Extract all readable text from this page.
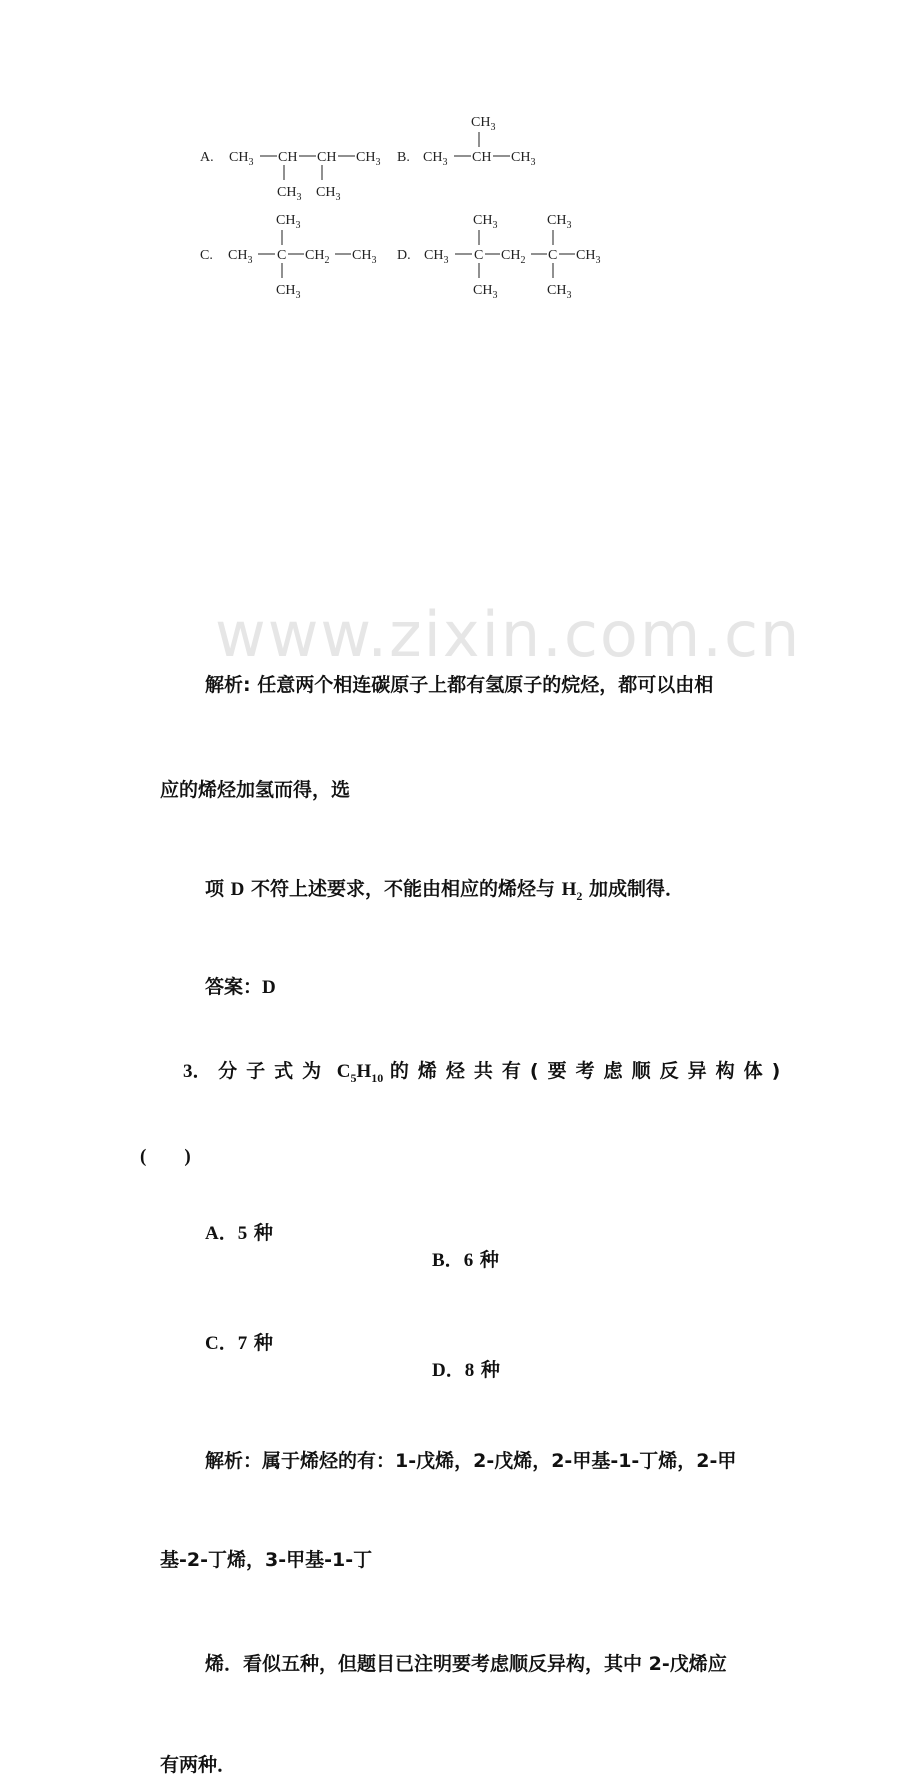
www.zixin.com.cn
A. $CH_3$ CH CH $CH_3$
$CH_3$ $CH_3$
B. $CH_3$ CH $CH_3$
$CH_3$
C. $CH_3$ C $CH_2$ $CH_3$
$CH_3$
$CH_3$
D. $CH_3$ C $CH_2$ C $CH_3$
$CH_3$
$CH_3$
$CH_3$
$CH_3$
解析: 任意两个相连碳原子上都有氢原子的烷烃，都可以由相
应的烯烃加氢而得，选
项 D 不符上述要求，不能由相应的烯烃与 $H_2$ 加成制得．
答案：D
3． 分子式为 $C_5H_{10}$ 的烯烃共有(要考虑顺反异构体)
(　　)
A．5 种
B．6 种
C．7 种
D．8 种
解析：属于烯烃的有：1-戊烯，2-戊烯，2-甲基-1-丁烯，2-甲
基-2-丁烯，3-甲基-1-丁
烯．看似五种，但题目已注明要考虑顺反异构，其中 2-戊烯应
有两种．
